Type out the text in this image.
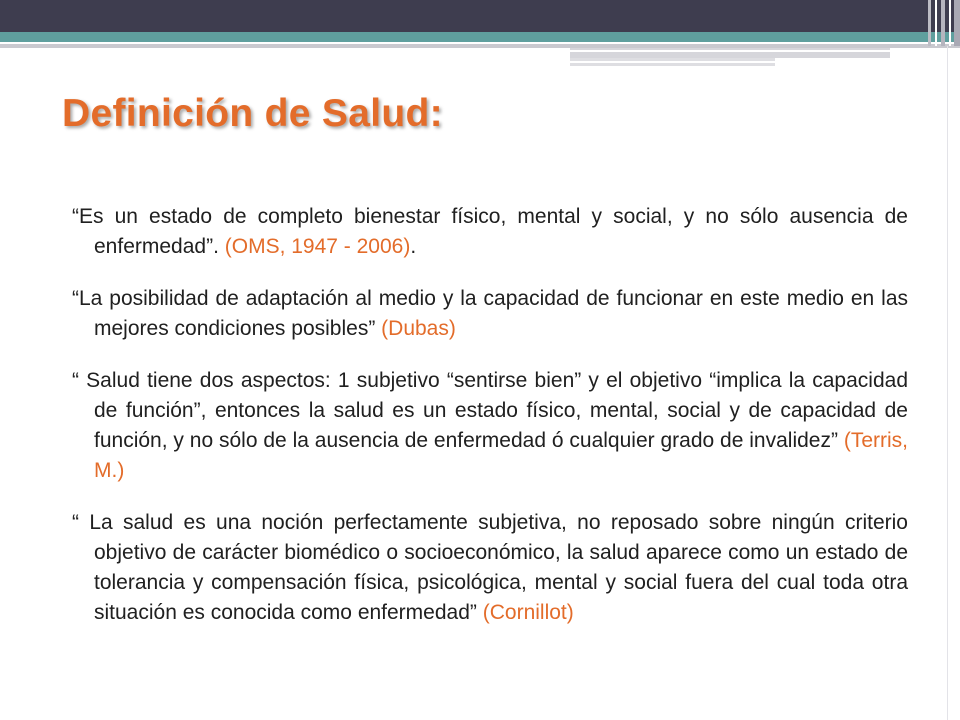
Definición de Salud:

“Es un estado de completo bienestar físico, mental y social, y no sólo ausencia de enfermedad”. (OMS, 1947 - 2006).

“La posibilidad de adaptación al medio y la capacidad de funcionar en este medio en las mejores condiciones posibles” (Dubas)

“ Salud tiene dos aspectos: 1 subjetivo “sentirse bien” y el objetivo “implica la capacidad de función”, entonces la salud es un estado físico, mental, social y de capacidad de función, y no sólo de la ausencia de enfermedad ó cualquier grado de invalidez” (Terris, M.)

“ La salud es una noción perfectamente subjetiva, no reposado sobre ningún criterio objetivo de carácter biomédico o socioeconómico, la salud aparece como un estado de tolerancia y compensación física, psicológica, mental y social fuera del cual toda otra situación es conocida como enfermedad” (Cornillot)
